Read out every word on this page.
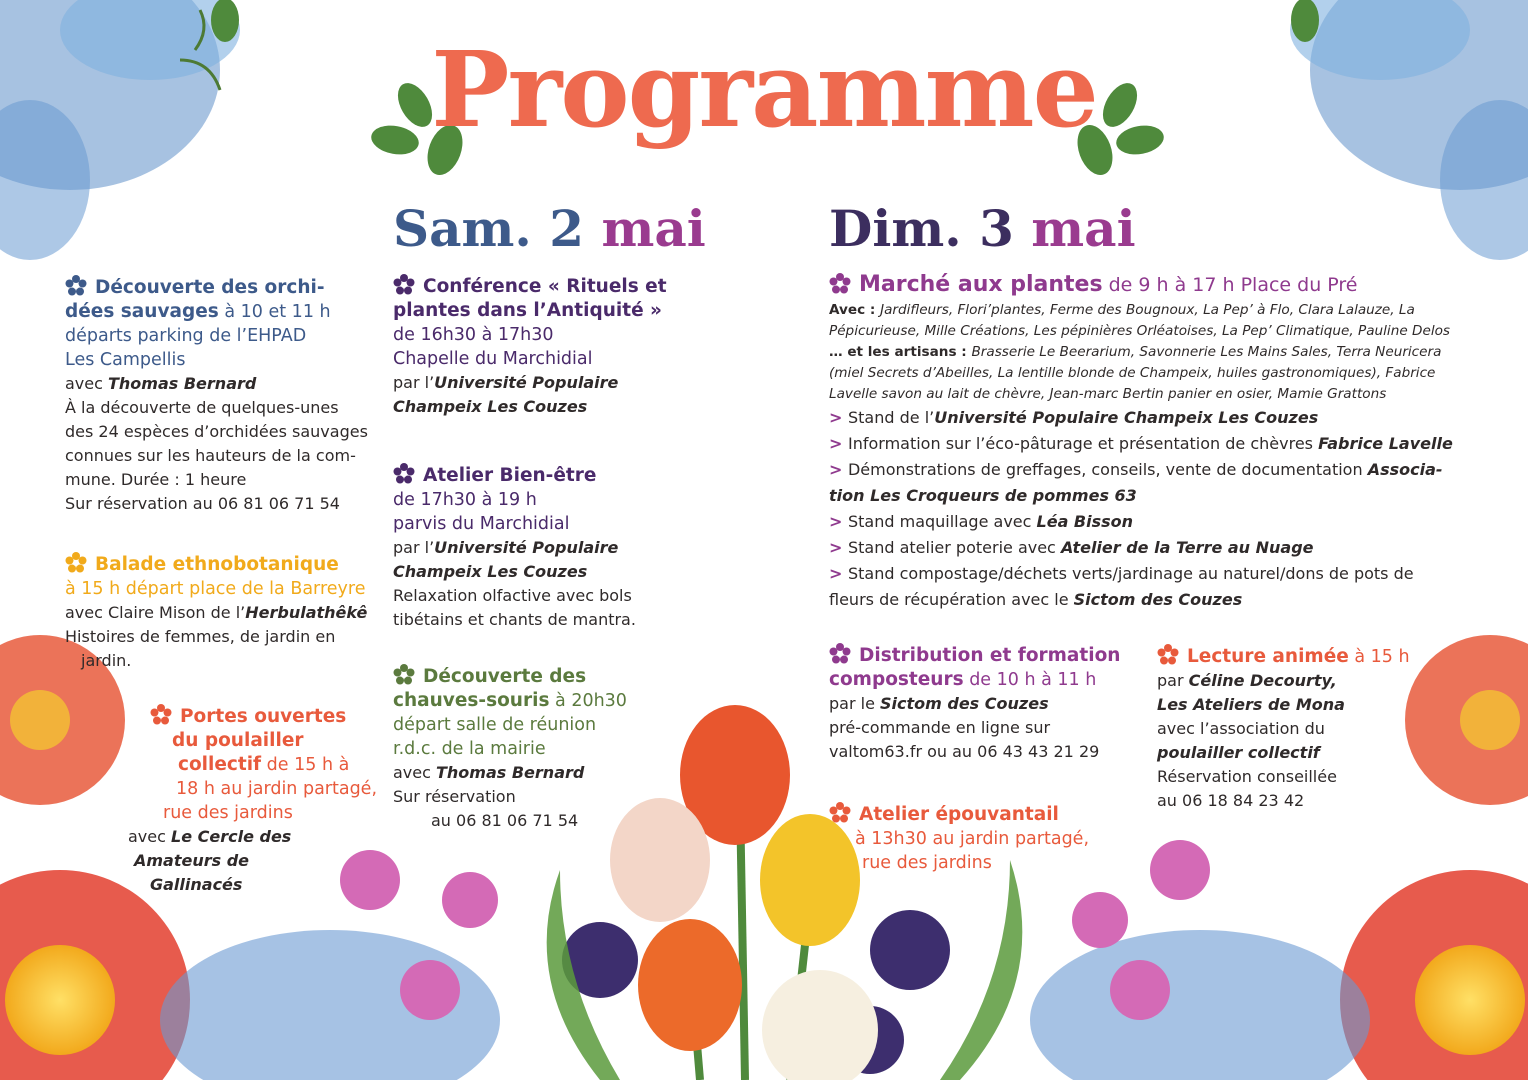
Programme
Sam. 2 mai Dim. 3 mai

Découverte des orchi-

dées sauvages à 10 et 11 h

départs parking de l’EHPAD

Les Campellis

avec Thomas Bernard

À la découverte de quelques-unes

des 24 espèces d’orchidées sauvages

connues sur les hauteurs de la com-

mune. Durée : 1 heure

Sur réservation au 06 81 06 71 54

Balade ethnobotanique

à 15 h départ place de la Barreyre

avec Claire Mison de l’Herbulathêkê

Histoires de femmes, de jardin en

jardin.

Portes ouvertes

du poulailler

collectif de 15 h à

18 h au jardin partagé,

rue des jardins

avec Le Cercle des

Amateurs de

Gallinacés

Conférence « Rituels et

plantes dans l’Antiquité »

de 16h30 à 17h30

Chapelle du Marchidial

par l’Université Populaire

Champeix Les Couzes

Atelier Bien-être

de 17h30 à 19 h

parvis du Marchidial

par l’Université Populaire

Champeix Les Couzes

Relaxation olfactive avec bols

tibétains et chants de mantra.

Découverte des

chauves-souris à 20h30

départ salle de réunion

r.d.c. de la mairie

avec Thomas Bernard

Sur réservation

au 06 81 06 71 54

Marché aux plantes de 9 h à 17 h Place du Pré

Avec : Jardifleurs, Flori’plantes, Ferme des Bougnoux, La Pep’ à Flo, Clara Lalauze, La

Pépicurieuse, Mille Créations, Les pépinières Orléatoises, La Pep’ Climatique, Pauline Delos

… et les artisans : Brasserie Le Beerarium, Savonnerie Les Mains Sales, Terra Neuricera

(miel Secrets d’Abeilles, La lentille blonde de Champeix, huiles gastronomiques), Fabrice

Lavelle savon au lait de chèvre, Jean-marc Bertin panier en osier, Mamie Grattons

> Stand de l’Université Populaire Champeix Les Couzes

> Information sur l’éco-pâturage et présentation de chèvres Fabrice Lavelle

> Démonstrations de greffages, conseils, vente de documentation Associa-

tion Les Croqueurs de pommes 63

> Stand maquillage avec Léa Bisson

> Stand atelier poterie avec Atelier de la Terre au Nuage

> Stand compostage/déchets verts/jardinage au naturel/dons de pots de

fleurs de récupération avec le Sictom des Couzes

Distribution et formation

composteurs de 10 h à 11 h

par le Sictom des Couzes

pré-commande en ligne sur

valtom63.fr ou au 06 43 43 21 29

Atelier épouvantail

à 13h30 au jardin partagé,

rue des jardins

Lecture animée à 15 h

par Céline Decourty,

Les Ateliers de Mona

avec l’association du

poulailler collectif

Réservation conseillée

au 06 18 84 23 42
